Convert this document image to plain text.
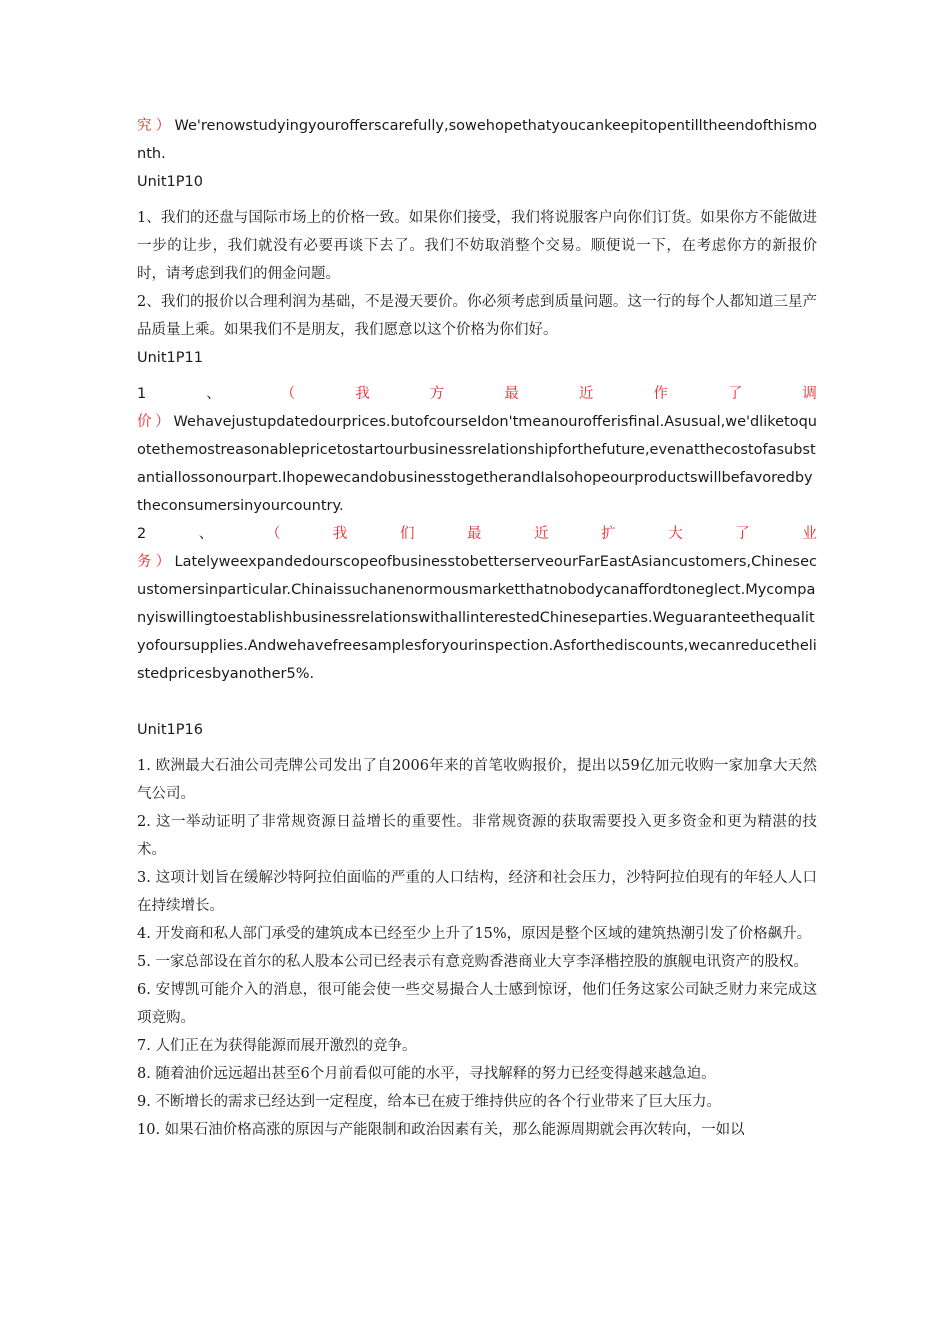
究）We'renowstudyingyourofferscarefully,sowehopethatyoucankeepitopentilltheendofthismonth.

Unit1P10

1、我们的还盘与国际市场上的价格一致。如果你们接受，我们将说服客户向你们订货。如果你方不能做进一步的让步，我们就没有必要再谈下去了。我们不妨取消整个交易。顺便说一下，在考虑你方的新报价时，请考虑到我们的佣金问题。

2、我们的报价以合理利润为基础，不是漫天要价。你必须考虑到质量问题。这一行的每个人都知道三星产品质量上乘。如果我们不是朋友，我们愿意以这个价格为你们好。

Unit1P11

1	、	（	我	方	最	近	作	了	调

价）Wehavejustupdatedourprices.butofcourseIdon'tmeanourofferisfinal.Asusual,we'dliketoquotethemostreasonablepricetostartourbusinessrelationshipforthefuture,evenatthecostofasubstantiallossonourpart.IhopewecandobusinesstogetherandIalsohopeourproductswillbefavoredbytheconsumersinyourcountry.

2	、	（	我	们	最	近	扩	大	了	业

务）LatelyweexpandedourscopeofbusinesstobetterserveourFarEastAsiancustomers,Chinesecustomersinparticular.Chinaissuchanenormousmarketthatnobodycanaffordtoneglect.MycompanyiswillingtoestablishbusinessrelationswithallinterestedChineseparties.Weguaranteethequalityofoursupplies.Andwehavefreesamplesforyourinspection.Asforthediscounts,wecanreducethelistedpricesbyanother5%.

Unit1P16

1. 欧洲最大石油公司壳牌公司发出了自2006年来的首笔收购报价，提出以59亿加元收购一家加拿大天然气公司。

2. 这一举动证明了非常规资源日益增长的重要性。非常规资源的获取需要投入更多资金和更为精湛的技术。

3. 这项计划旨在缓解沙特阿拉伯面临的严重的人口结构，经济和社会压力，沙特阿拉伯现有的年轻人人口在持续增长。

4. 开发商和私人部门承受的建筑成本已经至少上升了15%，原因是整个区域的建筑热潮引发了价格飙升。

5. 一家总部设在首尔的私人股本公司已经表示有意竞购香港商业大亨李泽楷控股的旗舰电讯资产的股权。

6. 安博凯可能介入的消息，很可能会使一些交易撮合人士感到惊讶，他们任务这家公司缺乏财力来完成这项竞购。

7. 人们正在为获得能源而展开激烈的竞争。

8. 随着油价远远超出甚至6个月前看似可能的水平，寻找解释的努力已经变得越来越急迫。

9. 不断增长的需求已经达到一定程度，给本已在疲于维持供应的各个行业带来了巨大压力。

10. 如果石油价格高涨的原因与产能限制和政治因素有关，那么能源周期就会再次转向，一如以
